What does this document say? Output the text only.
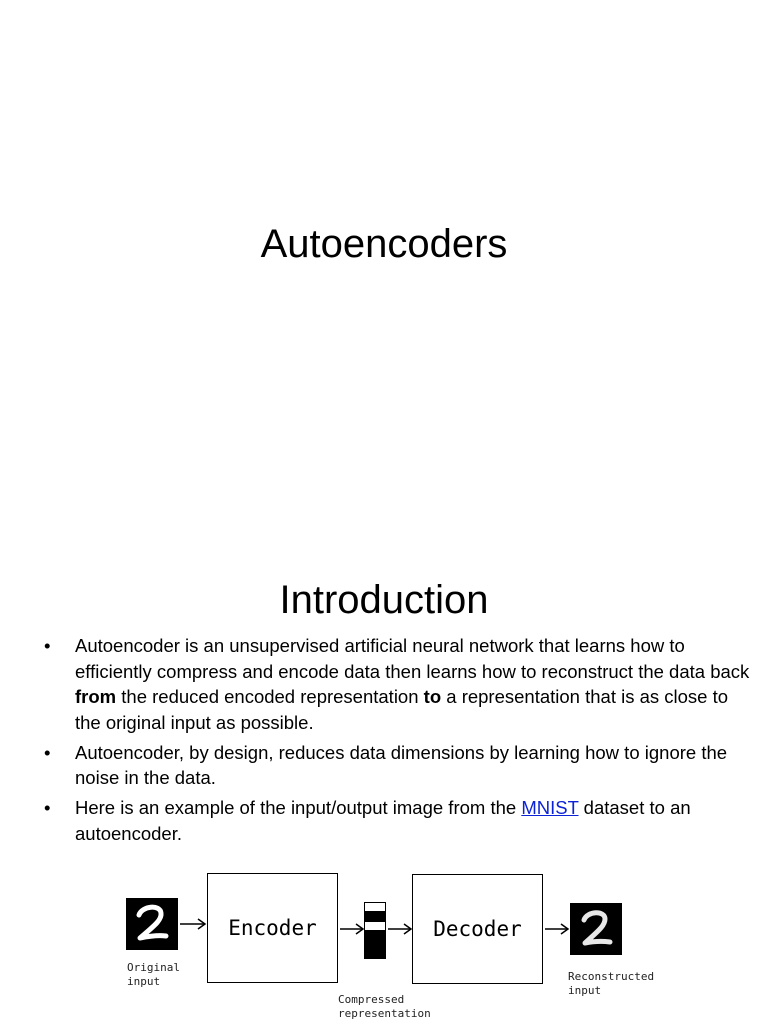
Autoencoders
Introduction
• Autoencoder is an unsupervised artificial neural network that learns how to efficiently compress and encode data then learns how to reconstruct the data back from the reduced encoded representation to a representation that is as close to the original input as possible.
• Autoencoder, by design, reduces data dimensions by learning how to ignore the noise in the data.
• Here is an example of the input/output image from the MNIST dataset to an autoencoder.
Encoder	Decoder
Original
input
Compressed
representation
Reconstructed
input
